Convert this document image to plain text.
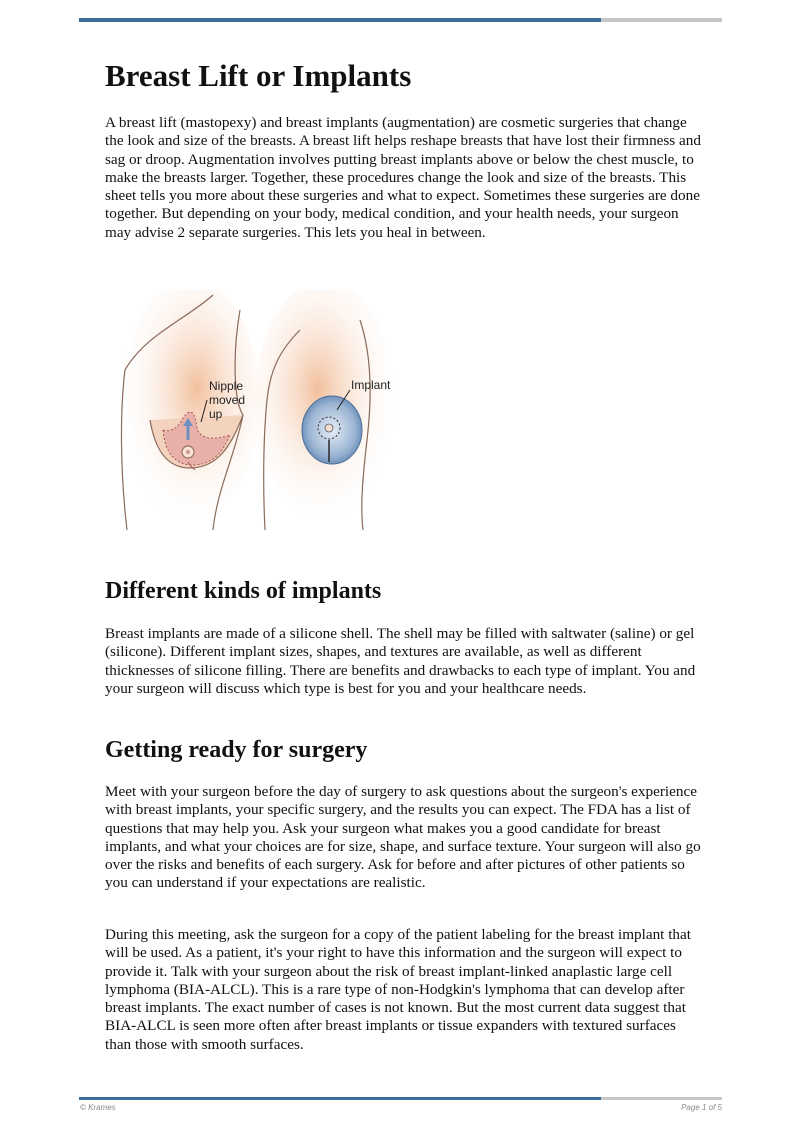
Breast Lift or Implants

A breast lift (mastopexy) and breast implants (augmentation) are cosmetic surgeries that change the look and size of the breasts. A breast lift helps reshape breasts that have lost their firmness and sag or droop. Augmentation involves putting breast implants above or below the chest muscle, to make the breasts larger. Together, these procedures change the look and size of the breasts. This sheet tells you more about these surgeries and what to expect. Sometimes these surgeries are done together. But depending on your body, medical condition, and your health needs, your surgeon may advise 2 separate surgeries. This lets you heal in between.

Nipple
moved
up
Implant
Different kinds of implants

Breast implants are made of a silicone shell. The shell may be filled with saltwater (saline) or gel (silicone). Different implant sizes, shapes, and textures are available, as well as different thicknesses of silicone filling. There are benefits and drawbacks to each type of implant. You and your surgeon will discuss which type is best for you and your healthcare needs.

Getting ready for surgery

Meet with your surgeon before the day of surgery to ask questions about the surgeon's experience with breast implants, your specific surgery, and the results you can expect. The FDA has a list of questions that may help you. Ask your surgeon what makes you a good candidate for breast implants, and what your choices are for size, shape, and surface texture. Your surgeon will also go over the risks and benefits of each surgery. Ask for before and after pictures of other patients so you can understand if your expectations are realistic.

During this meeting, ask the surgeon for a copy of the patient labeling for the breast implant that will be used. As a patient, it's your right to have this information and the surgeon will expect to provide it. Talk with your surgeon about the risk of breast implant-linked anaplastic large cell lymphoma (BIA-ALCL). This is a rare type of non-Hodgkin's lymphoma that can develop after breast implants. The exact number of cases is not known. But the most current data suggest that BIA-ALCL is seen more often after breast implants or tissue expanders with textured surfaces than those with smooth surfaces.

© Krames	Page 1 of 5
